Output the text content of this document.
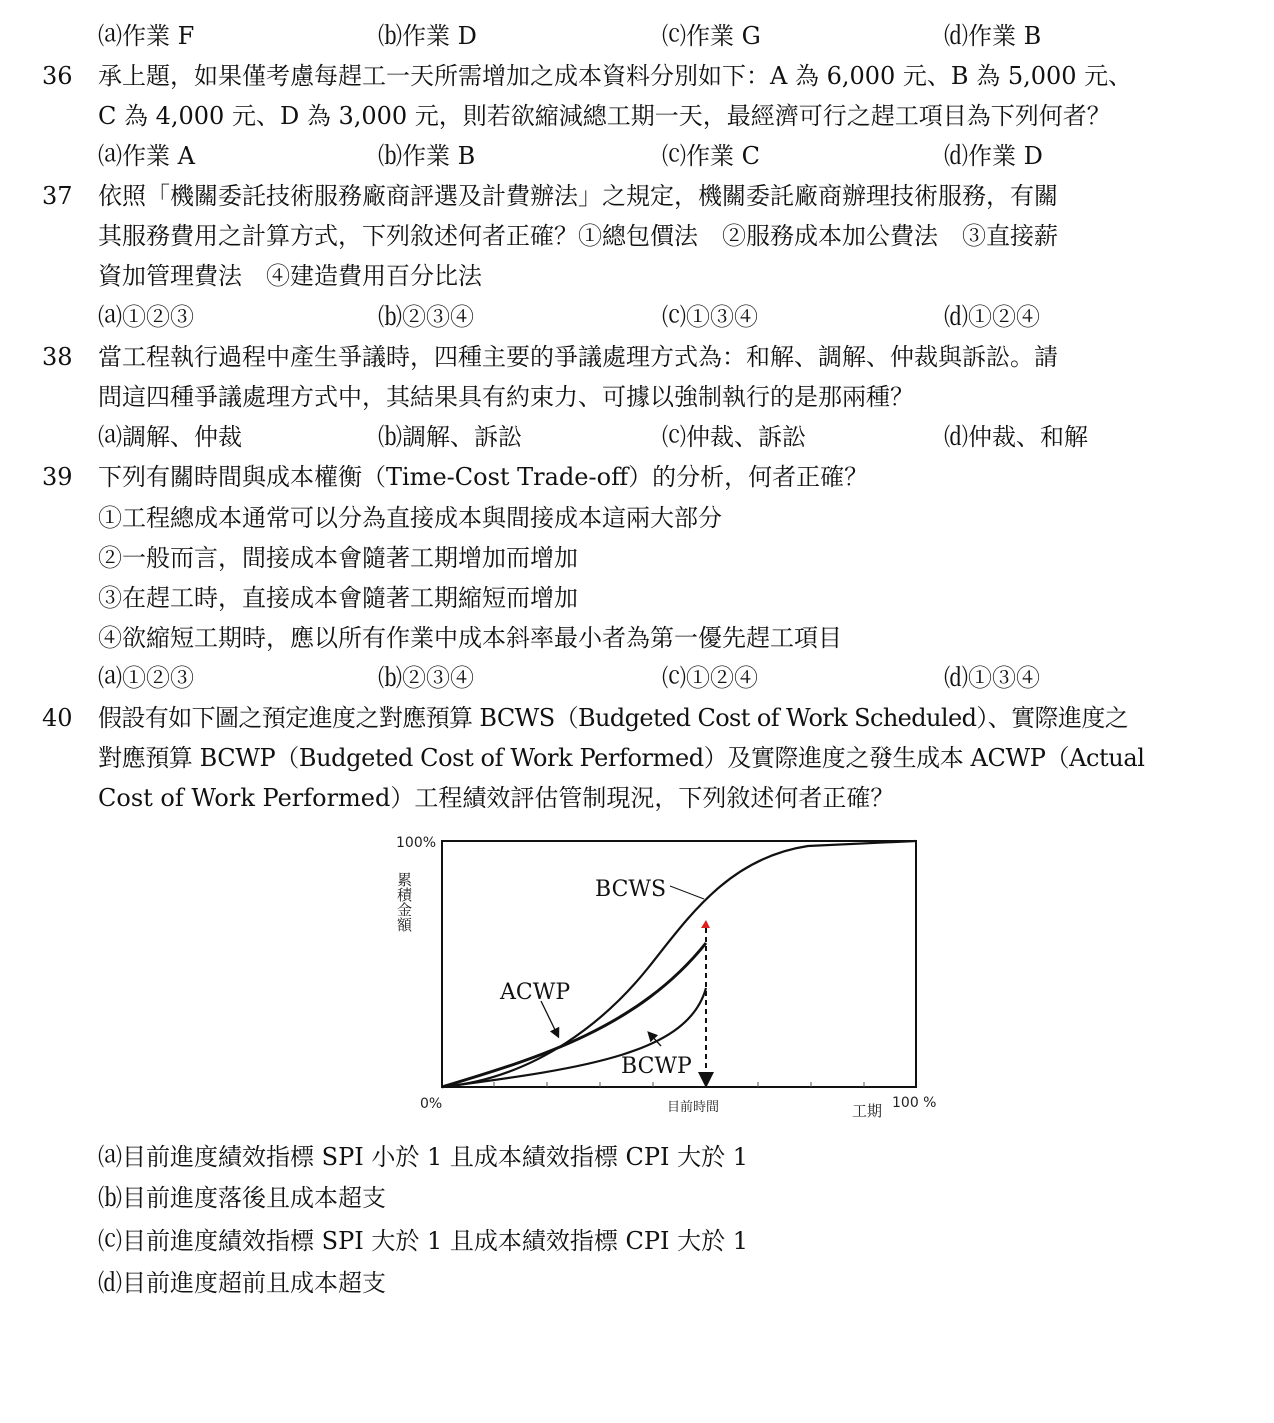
⒜作業 F	⒝作業 D	⒞作業 G	⒟作業 B
36 承上題，如果僅考慮每趕工一天所需增加之成本資料分別如下：A 為 6,000 元、B 為 5,000 元、
C 為 4,000 元、D 為 3,000 元，則若欲縮減總工期一天，最經濟可行之趕工項目為下列何者？
⒜作業 A	⒝作業 B	⒞作業 C	⒟作業 D
37 依照「機關委託技術服務廠商評選及計費辦法」之規定，機關委託廠商辦理技術服務，有關
其服務費用之計算方式，下列敘述何者正確？①總包價法　②服務成本加公費法　③直接薪
資加管理費法　④建造費用百分比法
⒜①②③	⒝②③④	⒞①③④	⒟①②④
38 當工程執行過程中產生爭議時，四種主要的爭議處理方式為：和解、調解、仲裁與訴訟。請
問這四種爭議處理方式中，其結果具有約束力、可據以強制執行的是那兩種？
⒜調解、仲裁	⒝調解、訴訟	⒞仲裁、訴訟	⒟仲裁、和解
39 下列有關時間與成本權衡（Time-Cost Trade-off）的分析，何者正確？
①工程總成本通常可以分為直接成本與間接成本這兩大部分
②一般而言，間接成本會隨著工期增加而增加
③在趕工時，直接成本會隨著工期縮短而增加
④欲縮短工期時，應以所有作業中成本斜率最小者為第一優先趕工項目
⒜①②③	⒝②③④	⒞①②④	⒟①③④
40 假設有如下圖之預定進度之對應預算 BCWS（Budgeted Cost of Work Scheduled）、實際進度之
對應預算 BCWP（Budgeted Cost of Work Performed）及實際進度之發生成本 ACWP（Actual
Cost of Work Performed）工程績效評估管制現況，下列敘述何者正確？
100%
累積金額	BCWS
ACWP
BCWP
0%	目前時間	工期 100 %
⒜目前進度績效指標 SPI 小於 1 且成本績效指標 CPI 大於 1
⒝目前進度落後且成本超支
⒞目前進度績效指標 SPI 大於 1 且成本績效指標 CPI 大於 1
⒟目前進度超前且成本超支
